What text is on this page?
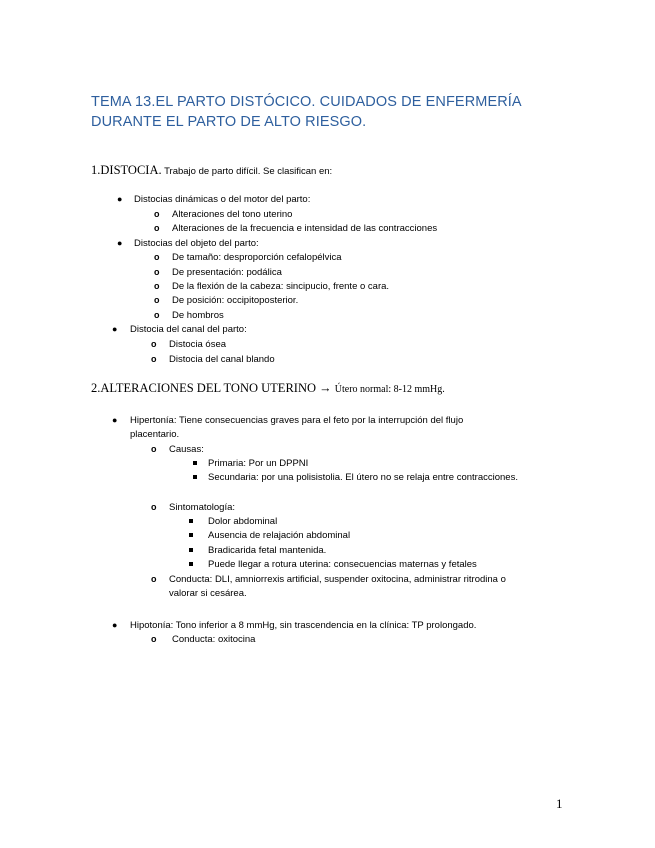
TEMA 13.EL PARTO DISTÓCICO. CUIDADOS DE ENFERMERÍA
DURANTE EL PARTO DE ALTO RIESGO.
1.DISTOCIA. Trabajo de parto difícil. Se clasifican en:
● Distocias dinámicas o del motor del parto:
o Alteraciones del tono uterino
o Alteraciones de la frecuencia e intensidad de las contracciones
● Distocias del objeto del parto:
o De tamaño: desproporción cefalopélvica
o De presentación: podálica
o De la flexión de la cabeza: sincipucio, frente o cara.
o De posición: occipitoposterior.
o De hombros
● Distocia del canal del parto:
o Distocia ósea
o Distocia del canal blando
2.ALTERACIONES DEL TONO UTERINO → Útero normal: 8-12 mmHg.
● Hipertonía: Tiene consecuencias graves para el feto por la interrupción del flujo
placentario.
o Causas:
Primaria: Por un DPPNI
Secundaria: por una polisistolia. El útero no se relaja entre contracciones.
o Sintomatología:
Dolor abdominal
Ausencia de relajación abdominal
Bradicarida fetal mantenida.
Puede llegar a rotura uterina: consecuencias maternas y fetales
o Conducta: DLI, amniorrexis artificial, suspender oxitocina, administrar ritrodina o
valorar si cesárea.
● Hipotonía: Tono inferior a 8 mmHg, sin trascendencia en la clínica: TP prolongado.
o Conducta: oxitocina
1
